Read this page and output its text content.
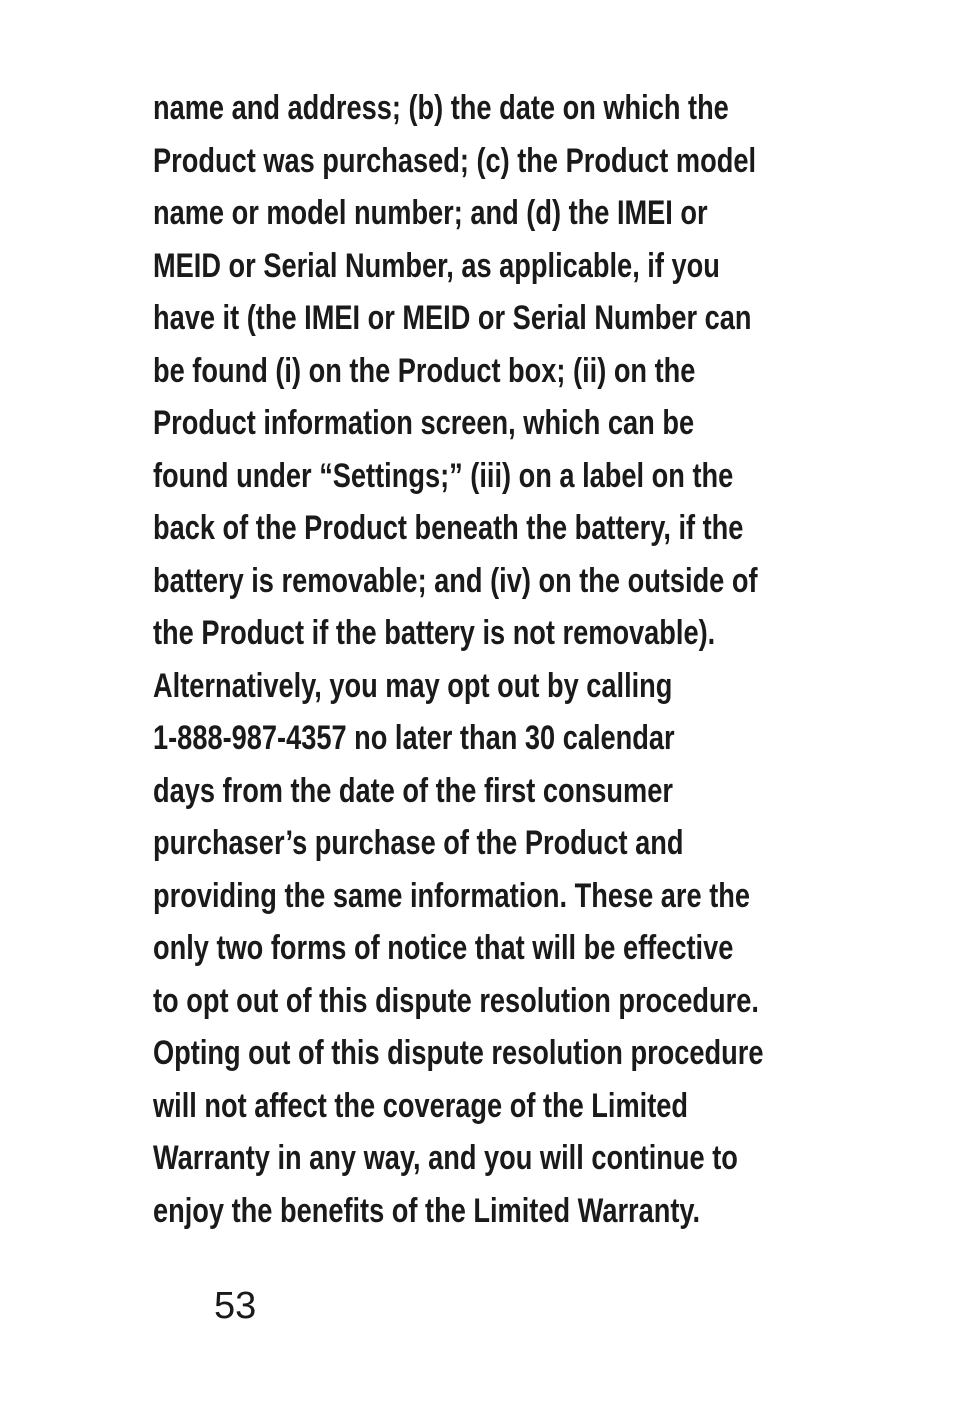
name and address; (b) the date on which the
Product was purchased; (c) the Product model
name or model number; and (d) the IMEI or
MEID or Serial Number, as applicable, if you
have it (the IMEI or MEID or Serial Number can
be found (i) on the Product box; (ii) on the
Product information screen, which can be
found under “Settings;” (iii) on a label on the
back of the Product beneath the battery, if the
battery is removable; and (iv) on the outside of
the Product if the battery is not removable).
Alternatively, you may opt out by calling
1-888-987-4357 no later than 30 calendar
days from the date of the first consumer
purchaser’s purchase of the Product and
providing the same information. These are the
only two forms of notice that will be effective
to opt out of this dispute resolution procedure.
Opting out of this dispute resolution procedure
will not affect the coverage of the Limited
Warranty in any way, and you will continue to
enjoy the benefits of the Limited Warranty.

53
